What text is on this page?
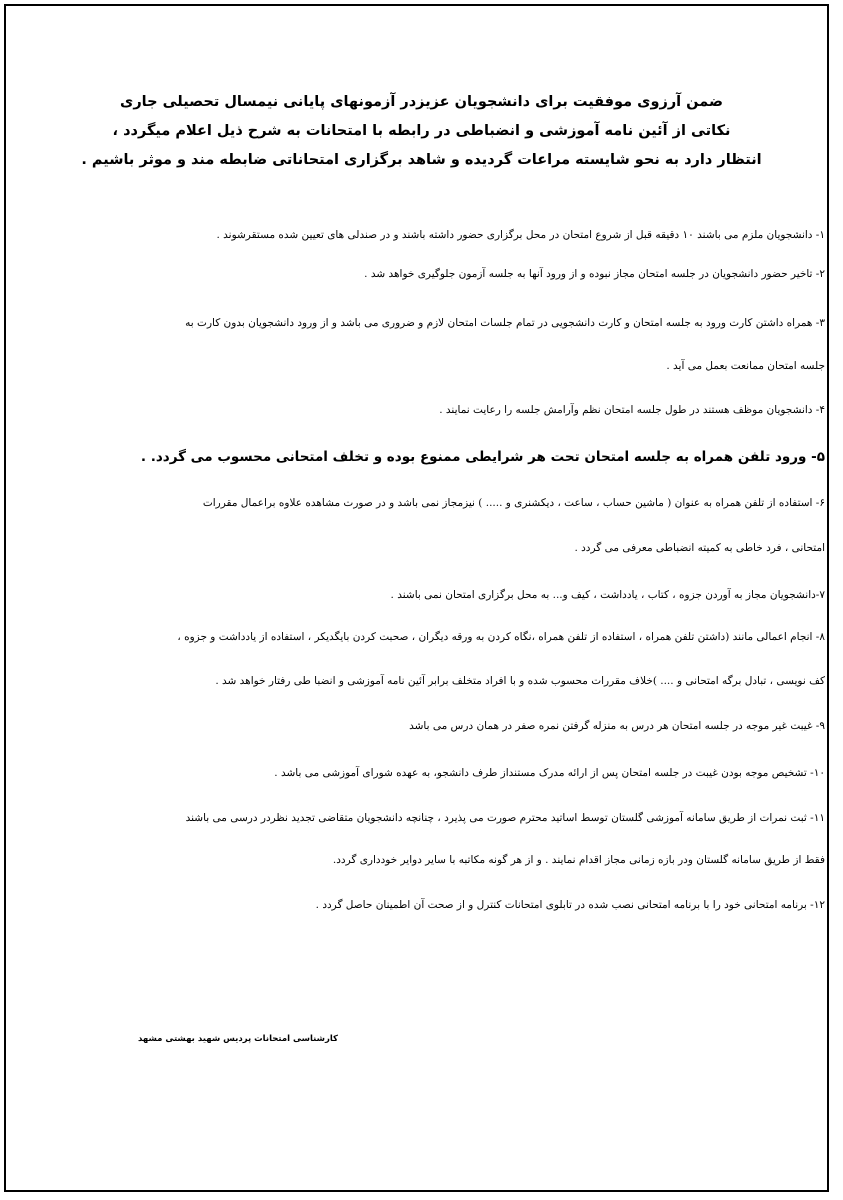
ضمن آرزوی موفقیت برای دانشجویان عزیزدر آزمونهای پایانی نیمسال تحصیلی جاری
نکاتی از آئین نامه آموزشی و انضباطی در رابطه با امتحانات به شرح ذیل اعلام میگردد ،
انتظار دارد به نحو شایسته مراعات گردیده و شاهد برگزاری امتحاناتی ضابطه مند و موثر باشیم .
۱- دانشجویان ملزم می باشند ۱۰ دقیقه قبل از شروع امتحان در محل برگزاری حضور داشته باشند و در صندلی های تعیین شده مستقرشوند .
۲- تاخیر حضور دانشجویان در جلسه امتحان مجاز نبوده و از ورود آنها به جلسه آزمون جلوگیری خواهد شد .
۳- همراه داشتن کارت ورود به جلسه امتحان و کارت دانشجویی در تمام جلسات امتحان لازم و ضروری می باشد و از ورود دانشجویان بدون کارت به
جلسه امتحان ممانعت بعمل می آید .
۴- دانشجویان موظف هستند در طول جلسه امتحان نظم وآرامش جلسه را رعایت نمایند .
۵- ورود تلفن همراه به جلسه امتحان تحت هر شرایطی ممنوع بوده و تخلف امتحانی محسوب می گردد. .
۶- استفاده از تلفن همراه به عنوان ( ماشین حساب ، ساعت ، دیکشنری و ..... ) نیزمجاز نمی باشد و در صورت مشاهده علاوه براعمال مقررات
امتحانی ، فرد خاطی به کمیته انضباطی معرفی می گردد .
۷-دانشجویان مجاز به آوردن جزوه ، کتاب ، یادداشت ، کیف و... به محل برگزاری امتحان نمی باشند .
۸- انجام اعمالی مانند (داشتن تلفن همراه ، استفاده از تلفن همراه ،نگاه کردن به ورقه دیگران ، صحبت کردن بایگدیکر ، استفاده از یادداشت و جزوه ،
کف نویسی ، تبادل برگه امتحانی و .... )خلاف مقررات محسوب شده و با افراد متخلف برابر آئین نامه آموزشی و انضبا طی رفتار خواهد شد .
۹- غیبت غیر موجه در جلسه امتحان هر درس به منزله گرفتن نمره صفر در همان درس می باشد
۱۰- تشخیص موجه بودن غیبت در جلسه امتحان پس از ارائه مدرک مستنداز طرف دانشجو، به عهده شورای آموزشی می باشد .
۱۱- ثبت نمرات از طریق سامانه آموزشی گلستان توسط اساتید محترم صورت می پذیرد ، چنانچه دانشجویان متقاضی تجدید نظردر درسی می باشند
فقط از طریق سامانه گلستان ودر بازه زمانی مجاز اقدام نمایند . و از هر گونه مکاتبه با سایر دوایر خودداری گردد.
۱۲- برنامه امتحانی خود را با برنامه امتحانی نصب شده در تابلوی امتحانات کنترل و از صحت آن اطمینان حاصل گردد .
کارشناسی امتحانات پردیس شهید بهشتی مشهد
